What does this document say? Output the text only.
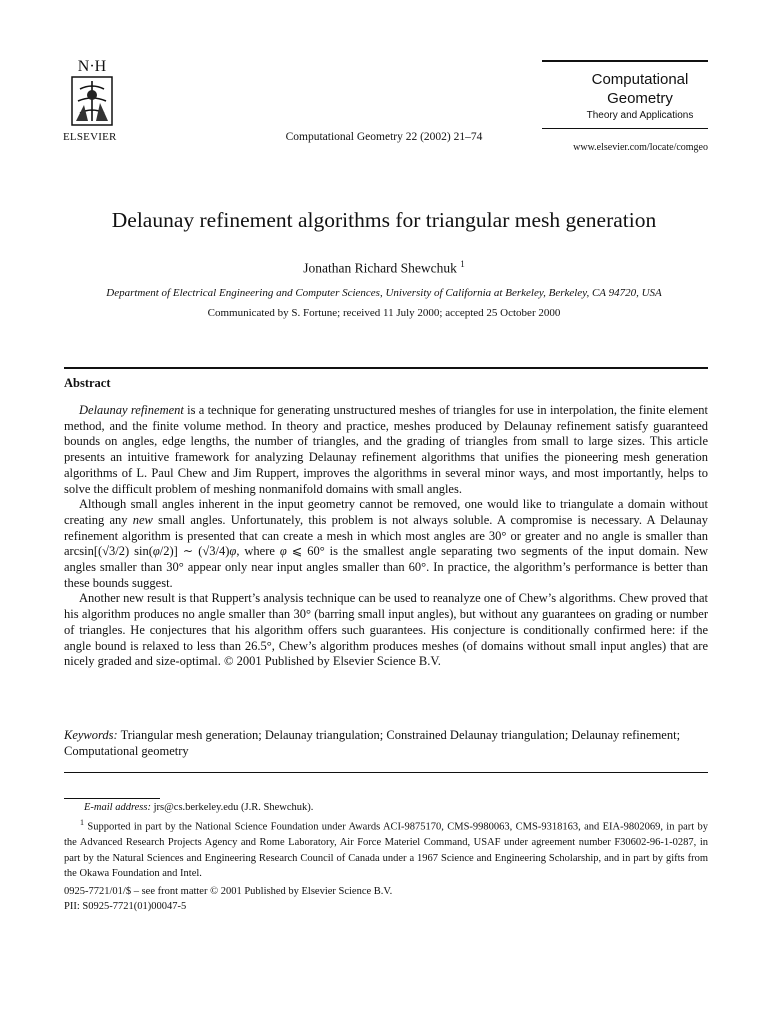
N·H
ELSEVIER	Computational Geometry 22 (2002) 21–74
Computational
Geometry
Theory and Applications
www.elsevier.com/locate/comgeo
Delaunay refinement algorithms for triangular mesh generation
Jonathan Richard Shewchuk $^1$
Department of Electrical Engineering and Computer Sciences, University of California at Berkeley, Berkeley, CA 94720, USA
Communicated by S. Fortune; received 11 July 2000; accepted 25 October 2000
Abstract

Delaunay refinement is a technique for generating unstructured meshes of triangles for use in interpolation, the finite element method, and the finite volume method. In theory and practice, meshes produced by Delaunay refinement satisfy guaranteed bounds on angles, edge lengths, the number of triangles, and the grading of triangles from small to large sizes. This article presents an intuitive framework for analyzing Delaunay refinement algorithms that unifies the pioneering mesh generation algorithms of L. Paul Chew and Jim Ruppert, improves the algorithms in several minor ways, and most importantly, helps to solve the difficult problem of meshing nonmanifold domains with small angles.

Although small angles inherent in the input geometry cannot be removed, one would like to triangulate a domain without creating any new small angles. Unfortunately, this problem is not always soluble. A compromise is necessary. A Delaunay refinement algorithm is presented that can create a mesh in which most angles are 30° or greater and no angle is smaller than arcsin[(√3/2) sin(φ/2)] ∼ (√3/4)φ, where φ ⩽ 60° is the smallest angle separating two segments of the input domain. New angles smaller than 30° appear only near input angles smaller than 60°. In practice, the algorithm’s performance is better than these bounds suggest.

Another new result is that Ruppert’s analysis technique can be used to reanalyze one of Chew’s algorithms. Chew proved that his algorithm produces no angle smaller than 30° (barring small input angles), but without any guarantees on grading or number of triangles. He conjectures that his algorithm offers such guarantees. His conjecture is conditionally confirmed here: if the angle bound is relaxed to less than 26.5°, Chew’s algorithm produces meshes (of domains without small input angles) that are nicely graded and size-optimal. © 2001 Published by Elsevier Science B.V.

Keywords: Triangular mesh generation; Delaunay triangulation; Constrained Delaunay triangulation; Delaunay refinement; Computational geometry
E-mail address: jrs@cs.berkeley.edu (J.R. Shewchuk).
$^1$ Supported in part by the National Science Foundation under Awards ACI-9875170, CMS-9980063, CMS-9318163, and EIA-9802069, in part by the Advanced Research Projects Agency and Rome Laboratory, Air Force Materiel Command, USAF under agreement number F30602-96-1-0287, in part by the Natural Sciences and Engineering Research Council of Canada under a 1967 Science and Engineering Scholarship, and in part by gifts from the Okawa Foundation and Intel.
0925-7721/01/$ – see front matter © 2001 Published by Elsevier Science B.V.
PII: S0925-7721(01)00047-5
